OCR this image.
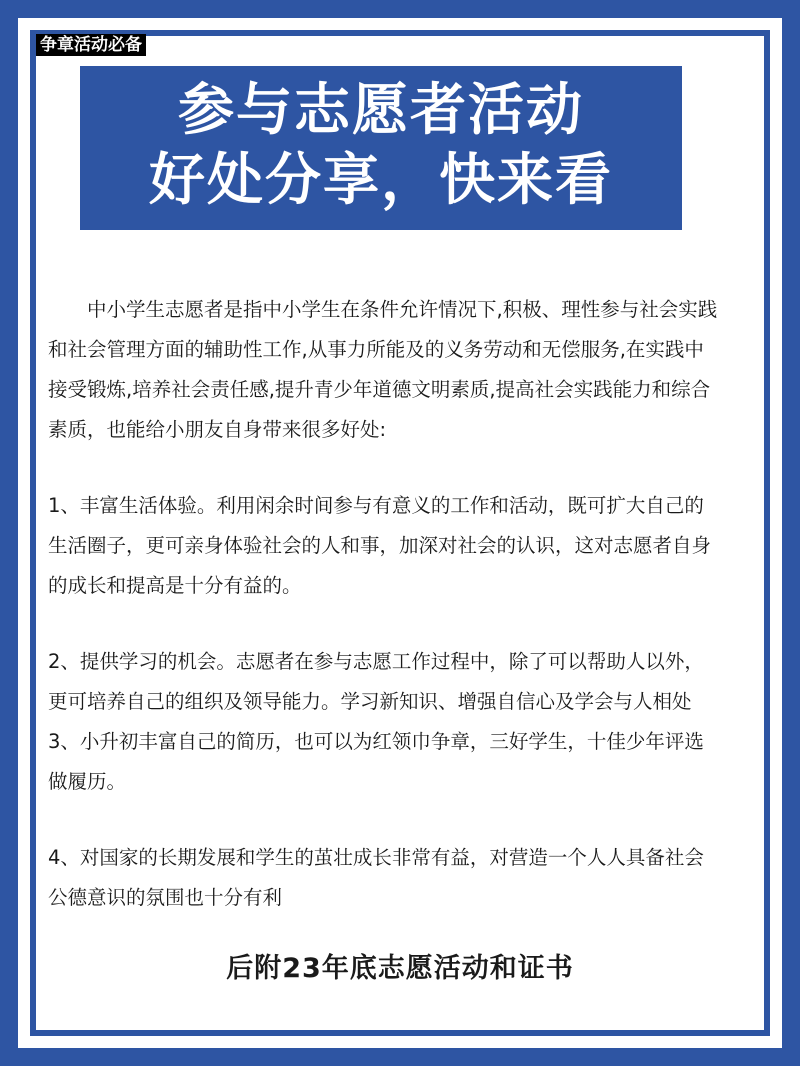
争章活动必备
参与志愿者活动
好处分享，快来看

中小学生志愿者是指中小学生在条件允许情况下,积极、理性参与社会实践和社会管理方面的辅助性工作,从事力所能及的义务劳动和无偿服务,在实践中接受锻炼,培养社会责任感,提升青少年道德文明素质,提高社会实践能力和综合素质，也能给小朋友自身带来很多好处:

1、丰富生活体验。利用闲余时间参与有意义的工作和活动，既可扩大自己的生活圈子，更可亲身体验社会的人和事，加深对社会的认识，这对志愿者自身的成长和提高是十分有益的。

2、提供学习的机会。志愿者在参与志愿工作过程中，除了可以帮助人以外，更可培养自己的组织及领导能力。学习新知识、增强自信心及学会与人相处3、小升初丰富自己的简历，也可以为红领巾争章，三好学生，十佳少年评选做履历。

4、对国家的长期发展和学生的茧壮成长非常有益，对营造一个人人具备社会公德意识的氛围也十分有利

后附23年底志愿活动和证书
